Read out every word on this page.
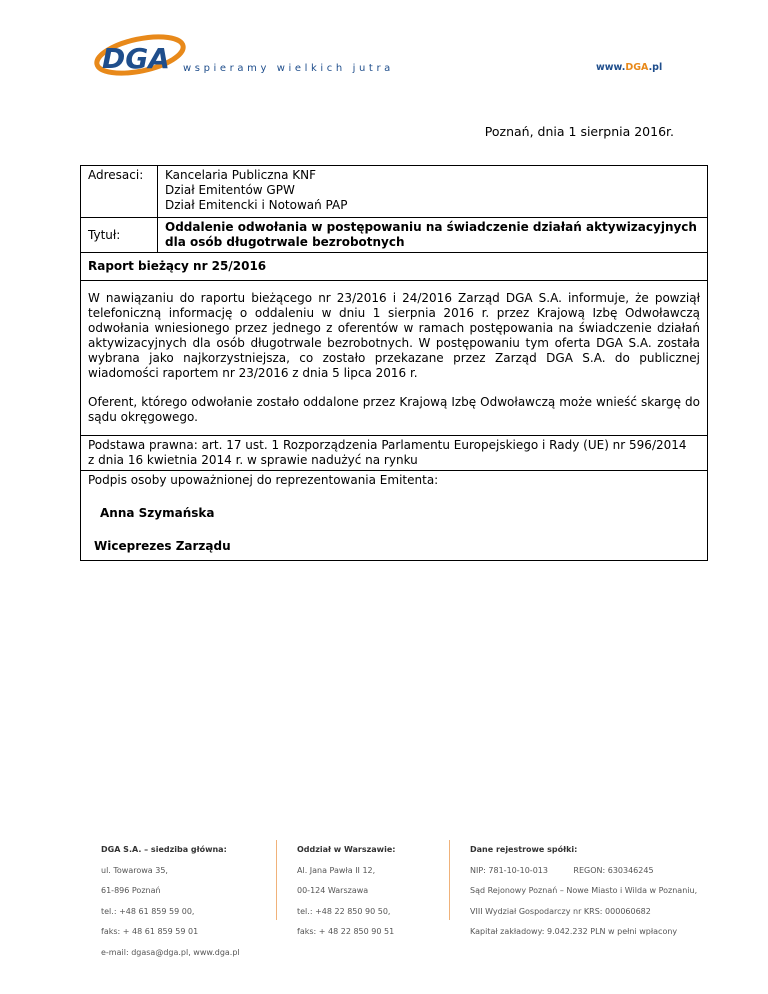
DGA wspieramy wielkich jutra	www.DGA.pl
Poznań, dnia 1 sierpnia 2016r.
Adresaci:	Kancelaria Publiczna KNF
Dział Emitentów GPW
Dział Emitencki i Notowań PAP

Tytuł:	Oddalenie odwołania w postępowaniu na świadczenie działań aktywizacyjnych
dla osób długotrwale bezrobotnych

Raport bieżący nr 25/2016	

W nawiązaniu do raportu bieżącego nr 23/2016 i 24/2016 Zarząd DGA S.A. informuje, że powziął telefoniczną informację o oddaleniu w dniu 1 sierpnia 2016 r. przez Krajową Izbę Odwoławczą odwołania wniesionego przez jednego z oferentów w ramach postępowania na świadczenie działań aktywizacyjnych dla osób długotrwale bezrobotnych. W postępowaniu tym oferta DGA S.A. została wybrana jako najkorzystniejsza, co zostało przekazane przez Zarząd DGA S.A. do publicznej wiadomości raportem nr 23/2016 z dnia 5 lipca 2016 r.

Oferent, którego odwołanie zostało oddalone przez Krajową Izbę Odwoławczą może wnieść skargę do sądu okręgowego.	

Podstawa prawna: art. 17 ust. 1 Rozporządzenia Parlamentu Europejskiego i Rady (UE) nr 596/2014
z dnia 16 kwietnia 2014 r. w sprawie nadużyć na rynku	

Podpis osoby upoważnionej do reprezentowania Emitenta:
Anna Szymańska
Wiceprezes Zarządu	
DGA S.A. – siedziba główna:
ul. Towarowa 35,
61-896 Poznań
tel.: +48 61 859 59 00,
faks: + 48 61 859 59 01
e-mail: dgasa@dga.pl, www.dga.pl
Oddział w Warszawie:
Al. Jana Pawła II 12,
00-124 Warszawa
tel.: +48 22 850 90 50,
faks: + 48 22 850 90 51
Dane rejestrowe spółki:
NIP: 781-10-10-013          REGON: 630346245
Sąd Rejonowy Poznań – Nowe Miasto i Wilda w Poznaniu,
VIII Wydział Gospodarczy nr KRS: 000060682
Kapitał zakładowy: 9.042.232 PLN w pełni wpłacony
